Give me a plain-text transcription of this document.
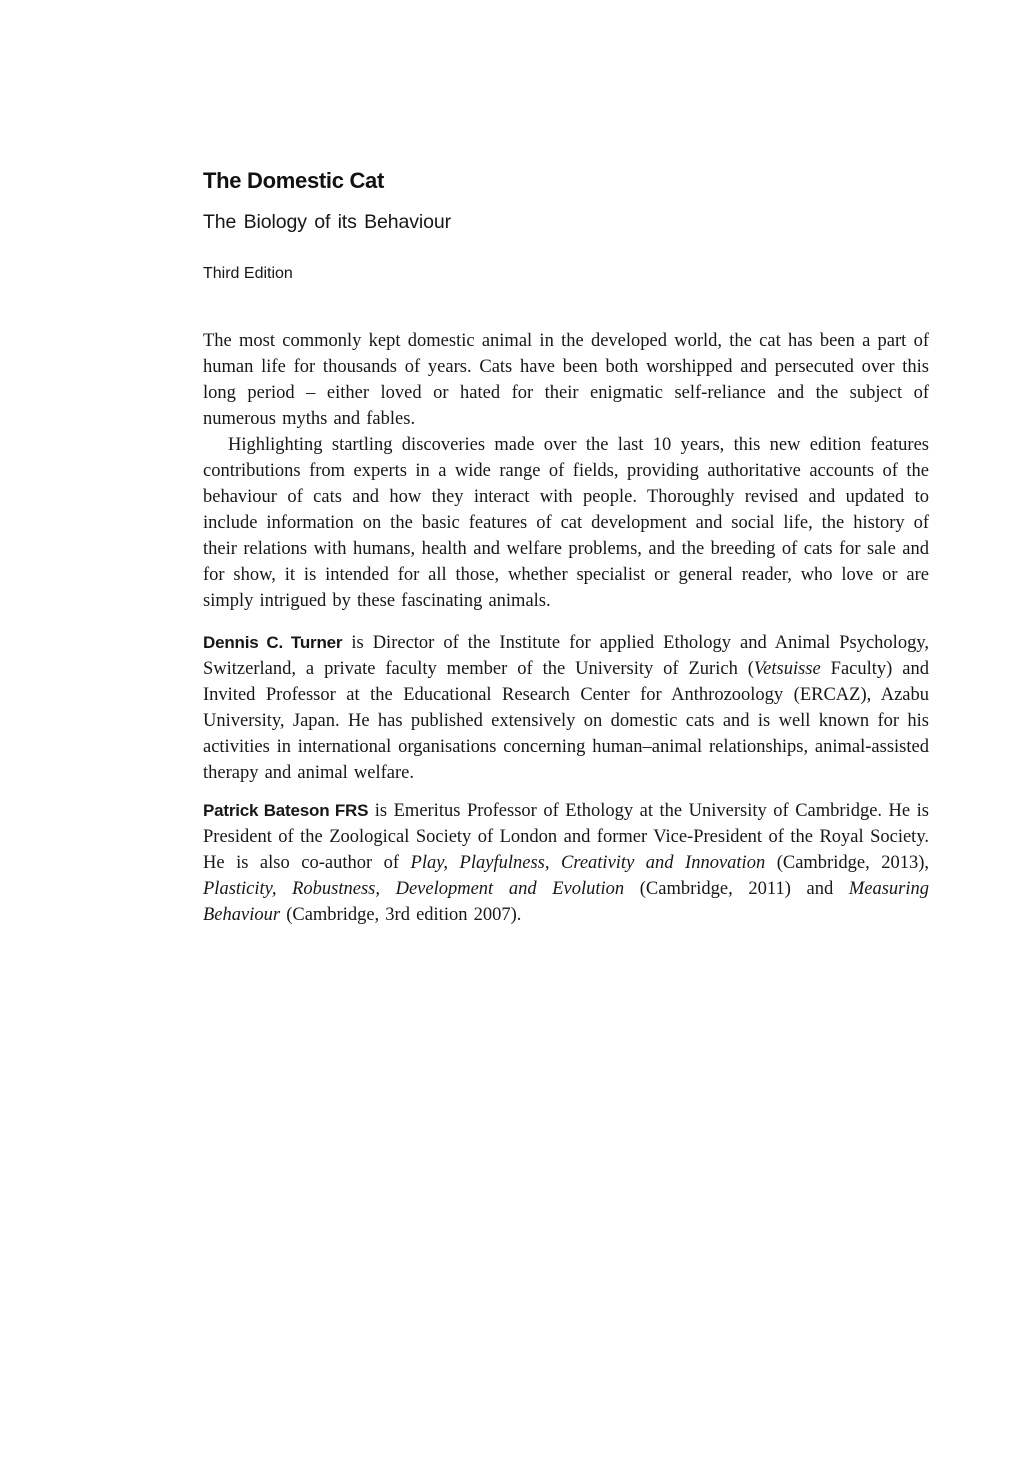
The Domestic Cat
The Biology of its Behaviour
Third Edition

The most commonly kept domestic animal in the developed world, the cat has been a part of human life for thousands of years. Cats have been both worshipped and persecuted over this long period – either loved or hated for their enigmatic self-reliance and the subject of numerous myths and fables.

Highlighting startling discoveries made over the last 10 years, this new edition features contributions from experts in a wide range of fields, providing authoritative accounts of the behaviour of cats and how they interact with people. Thoroughly revised and updated to include information on the basic features of cat development and social life, the history of their relations with humans, health and welfare problems, and the breeding of cats for sale and for show, it is intended for all those, whether specialist or general reader, who love or are simply intrigued by these fascinating animals.

Dennis C. Turner is Director of the Institute for applied Ethology and Animal Psychology, Switzerland, a private faculty member of the University of Zurich (Vetsuisse Faculty) and Invited Professor at the Educational Research Center for Anthrozoology (ERCAZ), Azabu University, Japan. He has published extensively on domestic cats and is well known for his activities in international organisations concerning human–animal relationships, animal-assisted therapy and animal welfare.

Patrick Bateson FRS is Emeritus Professor of Ethology at the University of Cambridge. He is President of the Zoological Society of London and former Vice-President of the Royal Society. He is also co-author of Play, Playfulness, Creativity and Innovation (Cambridge, 2013), Plasticity, Robustness, Development and Evolution (Cambridge, 2011) and Measuring Behaviour (Cambridge, 3rd edition 2007).
